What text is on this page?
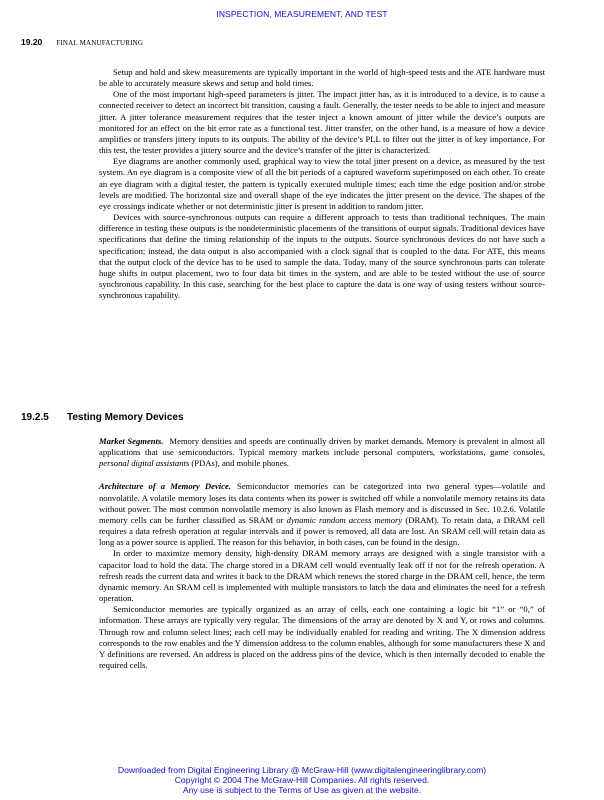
INSPECTION, MEASUREMENT, AND TEST
19.20 FINAL MANUFACTURING

Setup and hold and skew measurements are typically important in the world of high-speed tests and the ATE hardware must be able to accurately measure skews and setup and hold times.

One of the most important high-speed parameters is jitter. The impact jitter has, as it is introduced to a device, is to cause a connected receiver to detect an incorrect bit transition, causing a fault. Generally, the tester needs to be able to inject and measure jitter. A jitter tolerance measurement requires that the tester inject a known amount of jitter while the device’s outputs are monitored for an effect on the bit error rate as a functional test. Jitter transfer, on the other hand, is a measure of how a device amplifies or transfers jittery inputs to its outputs. The ability of the device’s PLL to filter out the jitter is of key importance. For this test, the tester provides a jittery source and the device’s transfer of the jitter is characterized.

Eye diagrams are another commonly used, graphical way to view the total jitter present on a device, as measured by the test system. An eye diagram is a composite view of all the bit periods of a captured waveform superimposed on each other. To create an eye diagram with a digital tester, the pattern is typically executed multiple times; each time the edge position and/or strobe levels are modified. The horizontal size and overall shape of the eye indicates the jitter present on the device. The shapes of the eye crossings indicate whether or not deterministic jitter is present in addition to random jitter.

Devices with source-synchronous outputs can require a different approach to tests than traditional techniques. The main difference in testing these outputs is the nondeterministic placements of the transitions of output signals. Traditional devices have specifications that define the timing relationship of the inputs to the outputs. Source synchronous devices do not have such a specification; instead, the data output is also accompanied with a clock signal that is coupled to the data. For ATE, this means that the output clock of the device has to be used to sample the data. Today, many of the source synchronous parts can tolerate huge shifts in output placement, two to four data bit times in the system, and are able to be tested without the use of source synchronous capability. In this case, searching for the best place to capture the data is one way of using testers without source-synchronous capability.

19.2.5 Testing Memory Devices

Market Segments. Memory densities and speeds are continually driven by market demands. Memory is prevalent in almost all applications that use semiconductors. Typical memory markets include personal computers, workstations, game consoles, personal digital assistants (PDAs), and mobile phones.

Architecture of a Memory Device. Semiconductor memories can be categorized into two general types—volatile and nonvolatile. A volatile memory loses its data contents when its power is switched off while a nonvolatile memory retains its data without power. The most common nonvolatile memory is also known as Flash memory and is discussed in Sec. 10.2.6. Volatile memory cells can be further classified as SRAM or dynamic random access memory (DRAM). To retain data, a DRAM cell requires a data refresh operation at regular intervals and if power is removed, all data are lost. An SRAM cell will retain data as long as a power source is applied. The reason for this behavior, in both cases, can be found in the design.

In order to maximize memory density, high-density DRAM memory arrays are designed with a single transistor with a capacitor load to hold the data. The charge stored in a DRAM cell would eventually leak off if not for the refresh operation. A refresh reads the current data and writes it back to the DRAM which renews the stored charge in the DRAM cell, hence, the term dynamic memory. An SRAM cell is implemented with multiple transistors to latch the data and eliminates the need for a refresh operation.

Semiconductor memories are typically organized as an array of cells, each one containing a logic bit “1” or “0,” of information. These arrays are typically very regular. The dimensions of the array are denoted by X and Y, or rows and columns. Through row and column select lines; each cell may be individually enabled for reading and writing. The X dimension address corresponds to the row enables and the Y dimension address to the column enables, although for some manufacturers these X and Y definitions are reversed. An address is placed on the address pins of the device, which is then internally decoded to enable the required cells.

Downloaded from Digital Engineering Library @ McGraw-Hill (www.digitalengineeringlibrary.com)
Copyright © 2004 The McGraw-Hill Companies. All rights reserved.
Any use is subject to the Terms of Use as given at the website.
